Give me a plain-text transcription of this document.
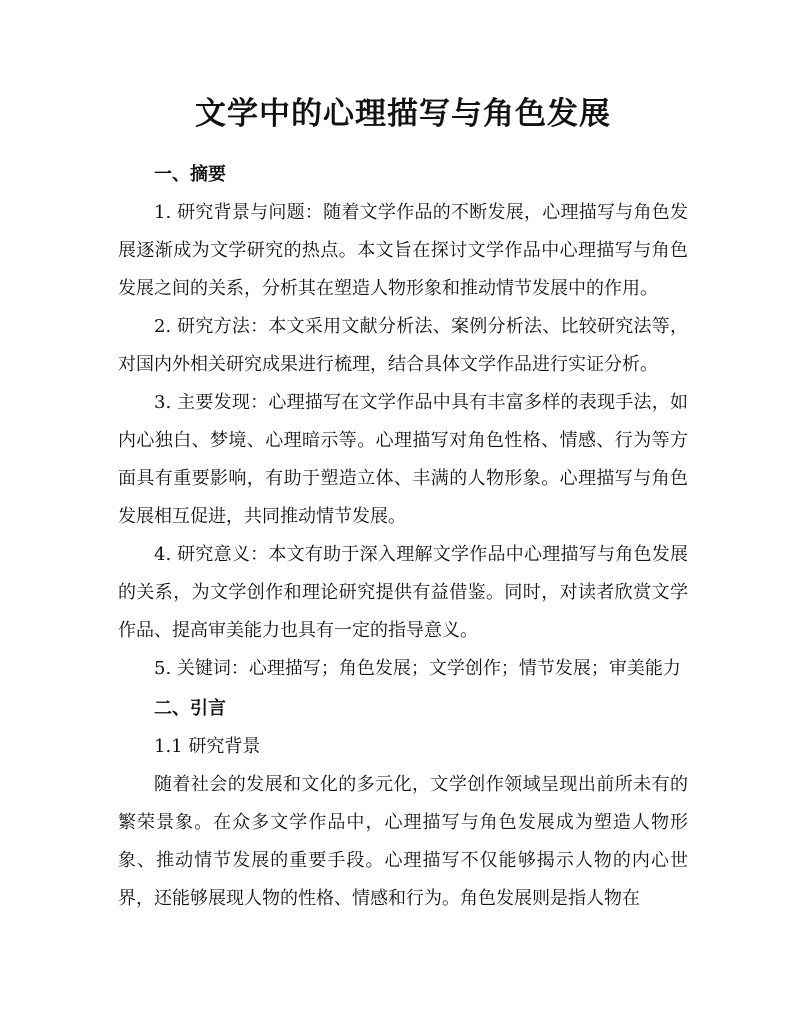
文学中的心理描写与角色发展
一、摘要

1. 研究背景与问题：随着文学作品的不断发展，心理描写与角色发展逐渐成为文学研究的热点。本文旨在探讨文学作品中心理描写与角色发展之间的关系，分析其在塑造人物形象和推动情节发展中的作用。

2. 研究方法：本文采用文献分析法、案例分析法、比较研究法等，对国内外相关研究成果进行梳理，结合具体文学作品进行实证分析。

3. 主要发现：心理描写在文学作品中具有丰富多样的表现手法，如内心独白、梦境、心理暗示等。心理描写对角色性格、情感、行为等方面具有重要影响，有助于塑造立体、丰满的人物形象。心理描写与角色发展相互促进，共同推动情节发展。

4. 研究意义：本文有助于深入理解文学作品中心理描写与角色发展的关系，为文学创作和理论研究提供有益借鉴。同时，对读者欣赏文学作品、提高审美能力也具有一定的指导意义。

5. 关键词：心理描写；角色发展；文学创作；情节发展；审美能力

二、引言

1.1 研究背景

随着社会的发展和文化的多元化，文学创作领域呈现出前所未有的繁荣景象。在众多文学作品中，心理描写与角色发展成为塑造人物形象、推动情节发展的重要手段。心理描写不仅能够揭示人物的内心世界，还能够展现人物的性格、情感和行为。角色发展则是指人物在
